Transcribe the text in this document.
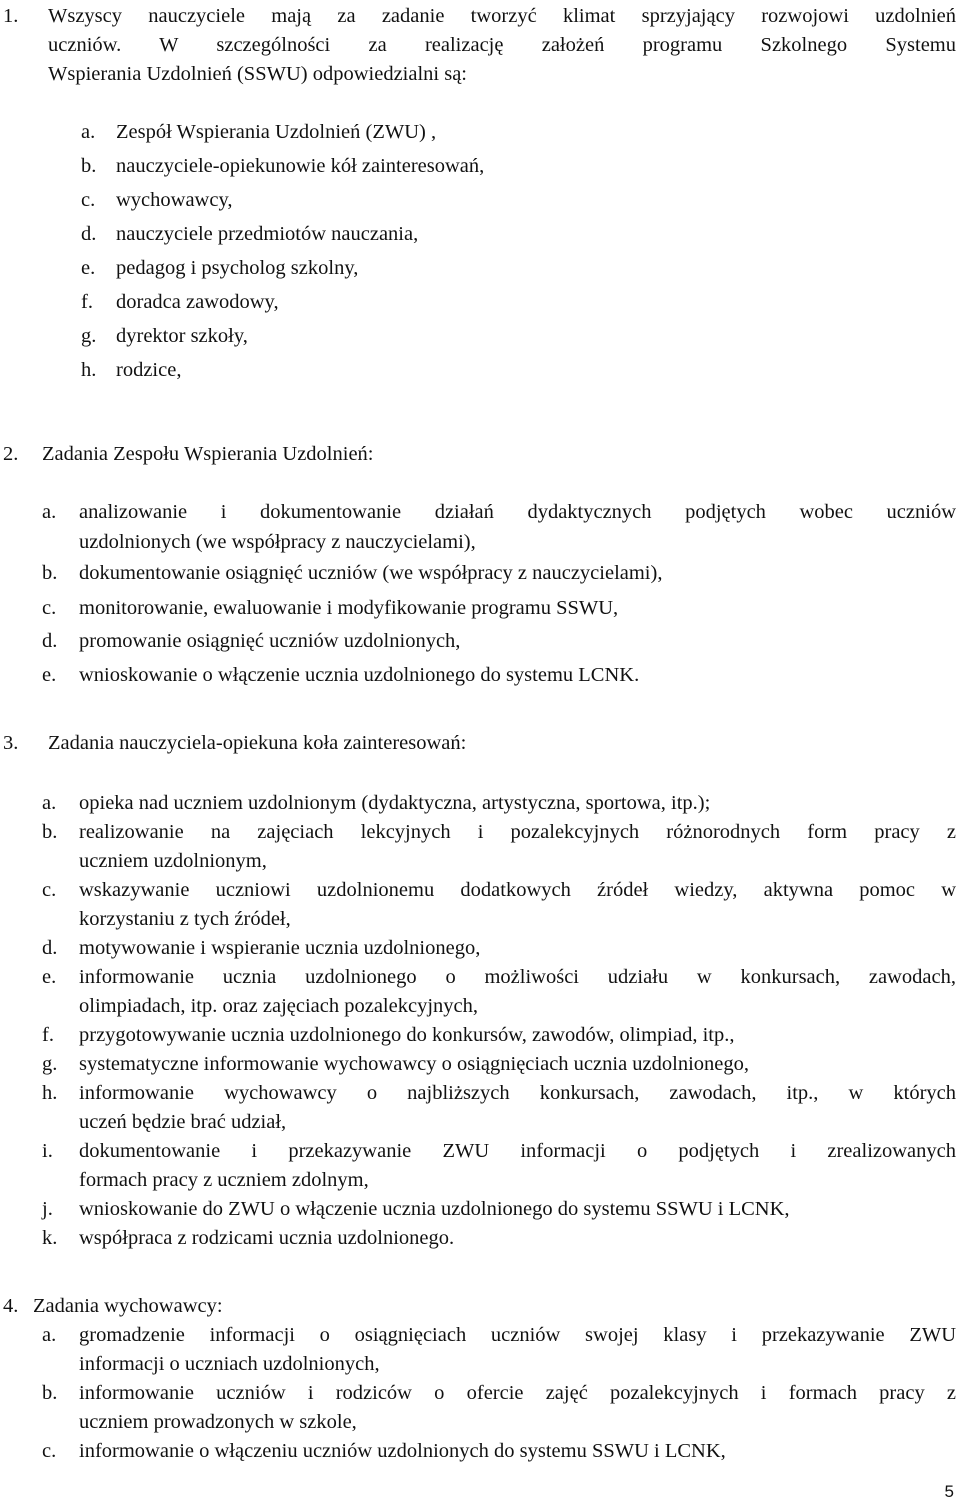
1. Wszyscy nauczyciele mają za zadanie tworzyć klimat sprzyjający rozwojowi uzdolnień
uczniów. W szczególności za realizację założeń programu Szkolnego Systemu
Wspierania Uzdolnień (SSWU) odpowiedzialni są:
a. Zespół Wspierania Uzdolnień (ZWU) ,
b. nauczyciele-opiekunowie kół zainteresowań,
c. wychowawcy,
d. nauczyciele przedmiotów nauczania,
e. pedagog i psycholog szkolny,
f. doradca zawodowy,
g. dyrektor szkoły,
h. rodzice,
2. Zadania Zespołu Wspierania Uzdolnień:
a. analizowanie i dokumentowanie działań dydaktycznych podjętych wobec uczniów
uzdolnionych (we współpracy z nauczycielami),
b. dokumentowanie osiągnięć uczniów (we współpracy z nauczycielami),
c. monitorowanie, ewaluowanie i modyfikowanie programu SSWU,
d. promowanie osiągnięć uczniów uzdolnionych,
e. wnioskowanie o włączenie ucznia uzdolnionego do systemu LCNK.
3. Zadania nauczyciela-opiekuna koła zainteresowań:
a. opieka nad uczniem uzdolnionym (dydaktyczna, artystyczna, sportowa, itp.);
b. realizowanie na zajęciach lekcyjnych i pozalekcyjnych różnorodnych form pracy z
uczniem uzdolnionym,
c. wskazywanie uczniowi uzdolnionemu dodatkowych źródeł wiedzy, aktywna pomoc w
korzystaniu z tych źródeł,
d. motywowanie i wspieranie ucznia uzdolnionego,
e. informowanie ucznia uzdolnionego o możliwości udziału w konkursach, zawodach,
olimpiadach, itp. oraz zajęciach pozalekcyjnych,
f. przygotowywanie ucznia uzdolnionego do konkursów, zawodów, olimpiad, itp.,
g. systematyczne informowanie wychowawcy o osiągnięciach ucznia uzdolnionego,
h. informowanie wychowawcy o najbliższych konkursach, zawodach, itp., w których
uczeń będzie brać udział,
i. dokumentowanie i przekazywanie ZWU informacji o podjętych i zrealizowanych
formach pracy z uczniem zdolnym,
j. wnioskowanie do ZWU o włączenie ucznia uzdolnionego do systemu SSWU i LCNK,
k. współpraca z rodzicami ucznia uzdolnionego.
4. Zadania wychowawcy:
a. gromadzenie informacji o osiągnięciach uczniów swojej klasy i przekazywanie ZWU
informacji o uczniach uzdolnionych,
b. informowanie uczniów i rodziców o ofercie zajęć pozalekcyjnych i formach pracy z
uczniem prowadzonych w szkole,
c. informowanie o włączeniu uczniów uzdolnionych do systemu SSWU i LCNK,
5
